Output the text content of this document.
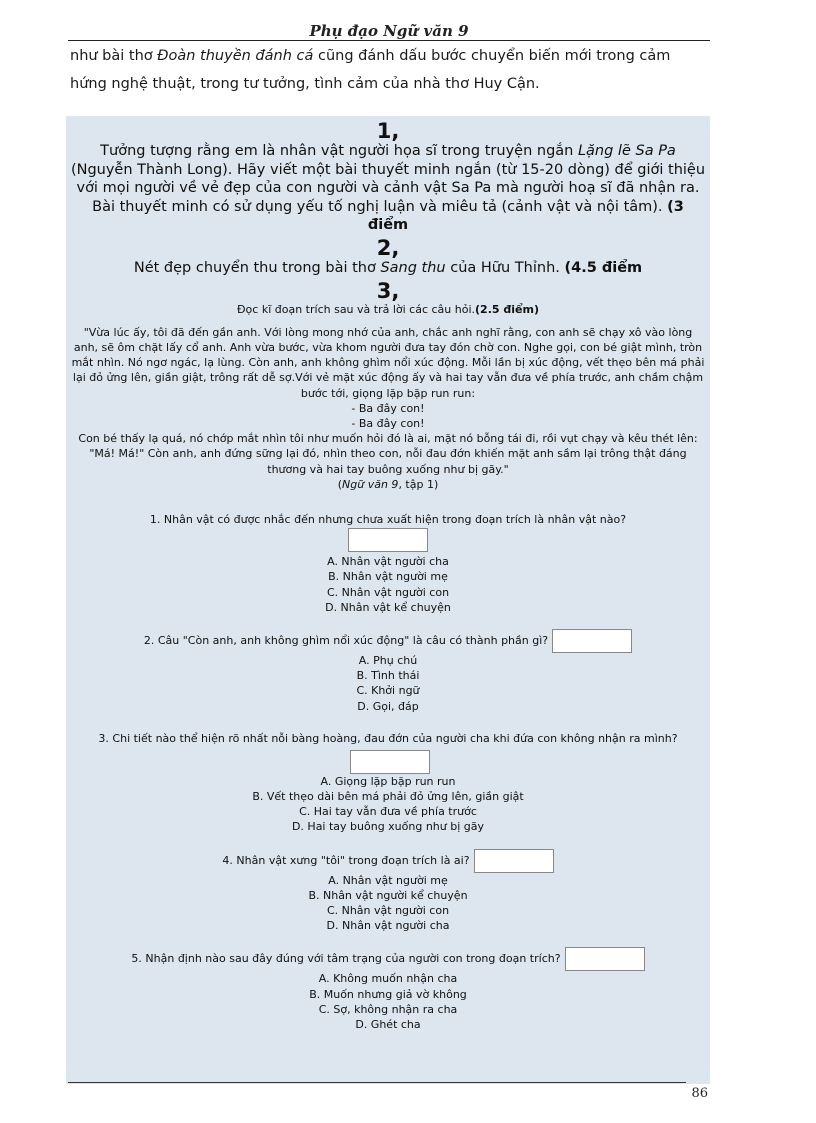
Phụ đạo Ngữ văn 9
như bài thơ Đoàn thuyền đánh cá cũng đánh dấu bước chuyển biến mới trong cảm hứng nghệ thuật, trong tư tưởng, tình cảm của nhà thơ Huy Cận.
1,
Tưởng tượng rằng em là nhân vật người họa sĩ trong truyện ngắn Lặng lẽ Sa Pa (Nguyễn Thành Long). Hãy viết một bài thuyết minh ngắn (từ 15-20 dòng) để giới thiệu với mọi người về vẻ đẹp của con người và cảnh vật Sa Pa mà người hoạ sĩ đã nhận ra. Bài thuyết minh có sử dụng yếu tố nghị luận và miêu tả (cảnh vật và nội tâm). (3 điểm
2,
Nét đẹp chuyển thu trong bài thơ Sang thu của Hữu Thỉnh. (4.5 điểm
3,
Đọc kĩ đoạn trích sau và trả lời các câu hỏi.(2.5 điểm)
"Vừa lúc ấy, tôi đã đến gần anh. Với lòng mong nhớ của anh, chắc anh nghĩ rằng, con anh sẽ chạy xô vào lòng anh, sẽ ôm chặt lấy cổ anh. Anh vừa bước, vừa khom người đưa tay đón chờ con. Nghe gọi, con bé giật mình, tròn mắt nhìn. Nó ngơ ngác, lạ lùng. Còn anh, anh không ghìm nổi xúc động. Mỗi lần bị xúc động, vết thẹo bên má phải lại đỏ ửng lên, giần giật, trông rất dễ sợ.Với vẻ mặt xúc động ấy và hai tay vẫn đưa về phía trước, anh chầm chậm bước tới, giọng lặp bặp run run:
- Ba đây con!
- Ba đây con!
Con bé thấy lạ quá, nó chớp mắt nhìn tôi như muốn hỏi đó là ai, mặt nó bỗng tái đi, rồi vụt chạy và kêu thét lên: "Má! Má!" Còn anh, anh đứng sững lại đó, nhìn theo con, nỗi đau đớn khiến mặt anh sầm lại trông thật đáng thương và hai tay buông xuống như bị gãy."
(Ngữ văn 9, tập 1)
1. Nhân vật có được nhắc đến nhưng chưa xuất hiện trong đoạn trích là nhân vật nào?
A. Nhân vật người cha
B. Nhân vật người mẹ
C. Nhân vật người con
D. Nhân vật kể chuyện
2. Câu "Còn anh, anh không ghìm nổi xúc động" là câu có thành phần gì?
A. Phụ chú
B. Tình thái
C. Khởi ngữ
D. Gọi, đáp
3. Chi tiết nào thể hiện rõ nhất nỗi bàng hoàng, đau đớn của người cha khi đứa con không nhận ra mình?
A. Giọng lặp bặp run run
B. Vết thẹo dài bên má phải đỏ ửng lên, giần giật
C. Hai tay vẫn đưa về phía trước
D. Hai tay buông xuống như bị gãy
4. Nhân vật xưng "tôi" trong đoạn trích là ai?
A. Nhân vật người mẹ
B. Nhân vật người kể chuyện
C. Nhân vật người con
D. Nhân vật người cha
5. Nhận định nào sau đây đúng với tâm trạng của người con trong đoạn trích?
A. Không muốn nhận cha
B. Muốn nhưng giả vờ không
C. Sợ, không nhận ra cha
D. Ghét cha
86
